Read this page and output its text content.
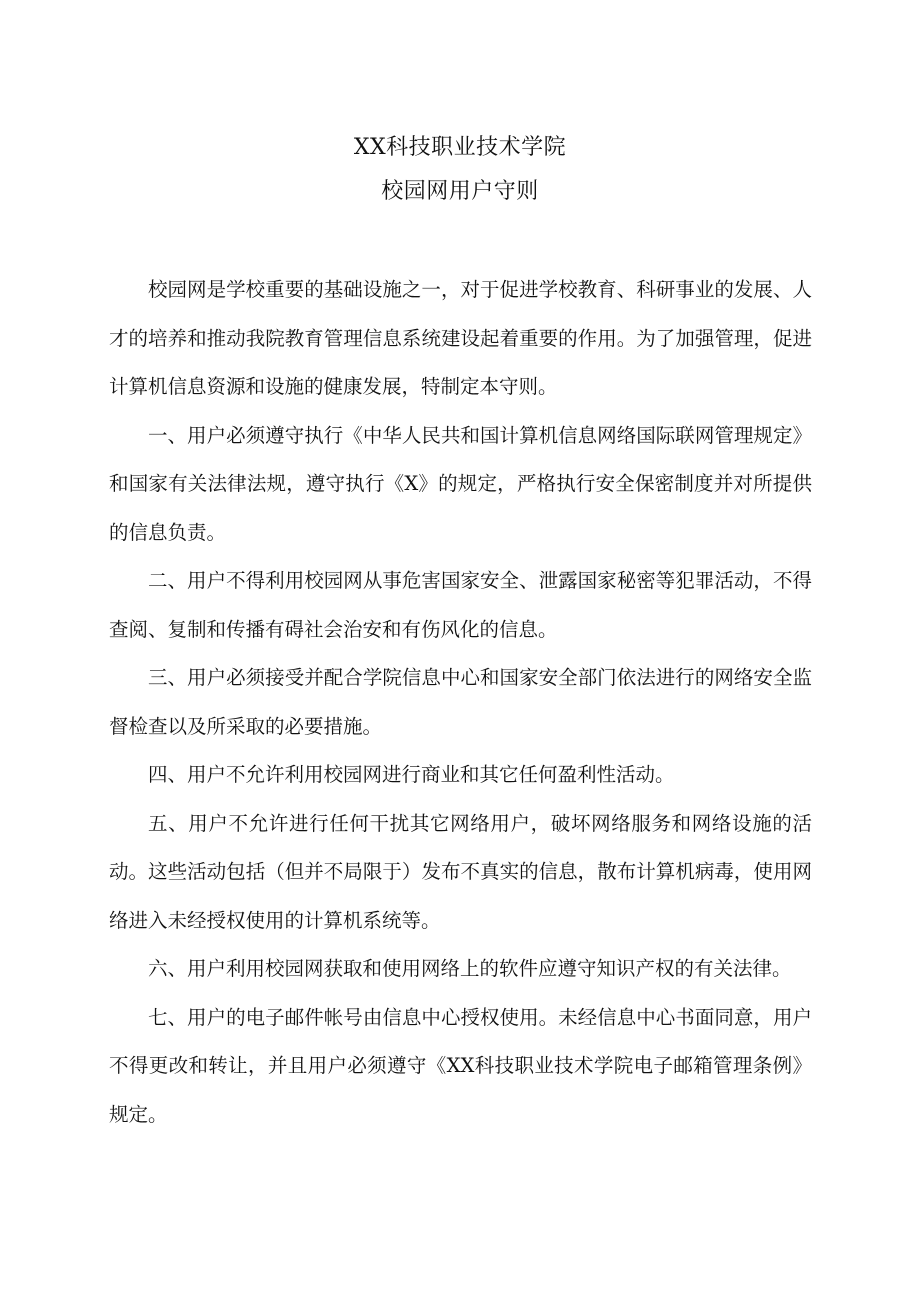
XX科技职业技术学院
校园网用户守则

校园网是学校重要的基础设施之一，对于促进学校教育、科研事业的发展、人才的培养和推动我院教育管理信息系统建设起着重要的作用。为了加强管理，促进计算机信息资源和设施的健康发展，特制定本守则。

一、用户必须遵守执行《中华人民共和国计算机信息网络国际联网管理规定》和国家有关法律法规，遵守执行《X》的规定，严格执行安全保密制度并对所提供的信息负责。

二、用户不得利用校园网从事危害国家安全、泄露国家秘密等犯罪活动，不得查阅、复制和传播有碍社会治安和有伤风化的信息。

三、用户必须接受并配合学院信息中心和国家安全部门依法进行的网络安全监督检查以及所采取的必要措施。

四、用户不允许利用校园网进行商业和其它任何盈利性活动。

五、用户不允许进行任何干扰其它网络用户，破坏网络服务和网络设施的活动。这些活动包括（但并不局限于）发布不真实的信息，散布计算机病毒，使用网络进入未经授权使用的计算机系统等。

六、用户利用校园网获取和使用网络上的软件应遵守知识产权的有关法律。

七、用户的电子邮件帐号由信息中心授权使用。未经信息中心书面同意，用户不得更改和转让，并且用户必须遵守《XX科技职业技术学院电子邮箱管理条例》规定。
